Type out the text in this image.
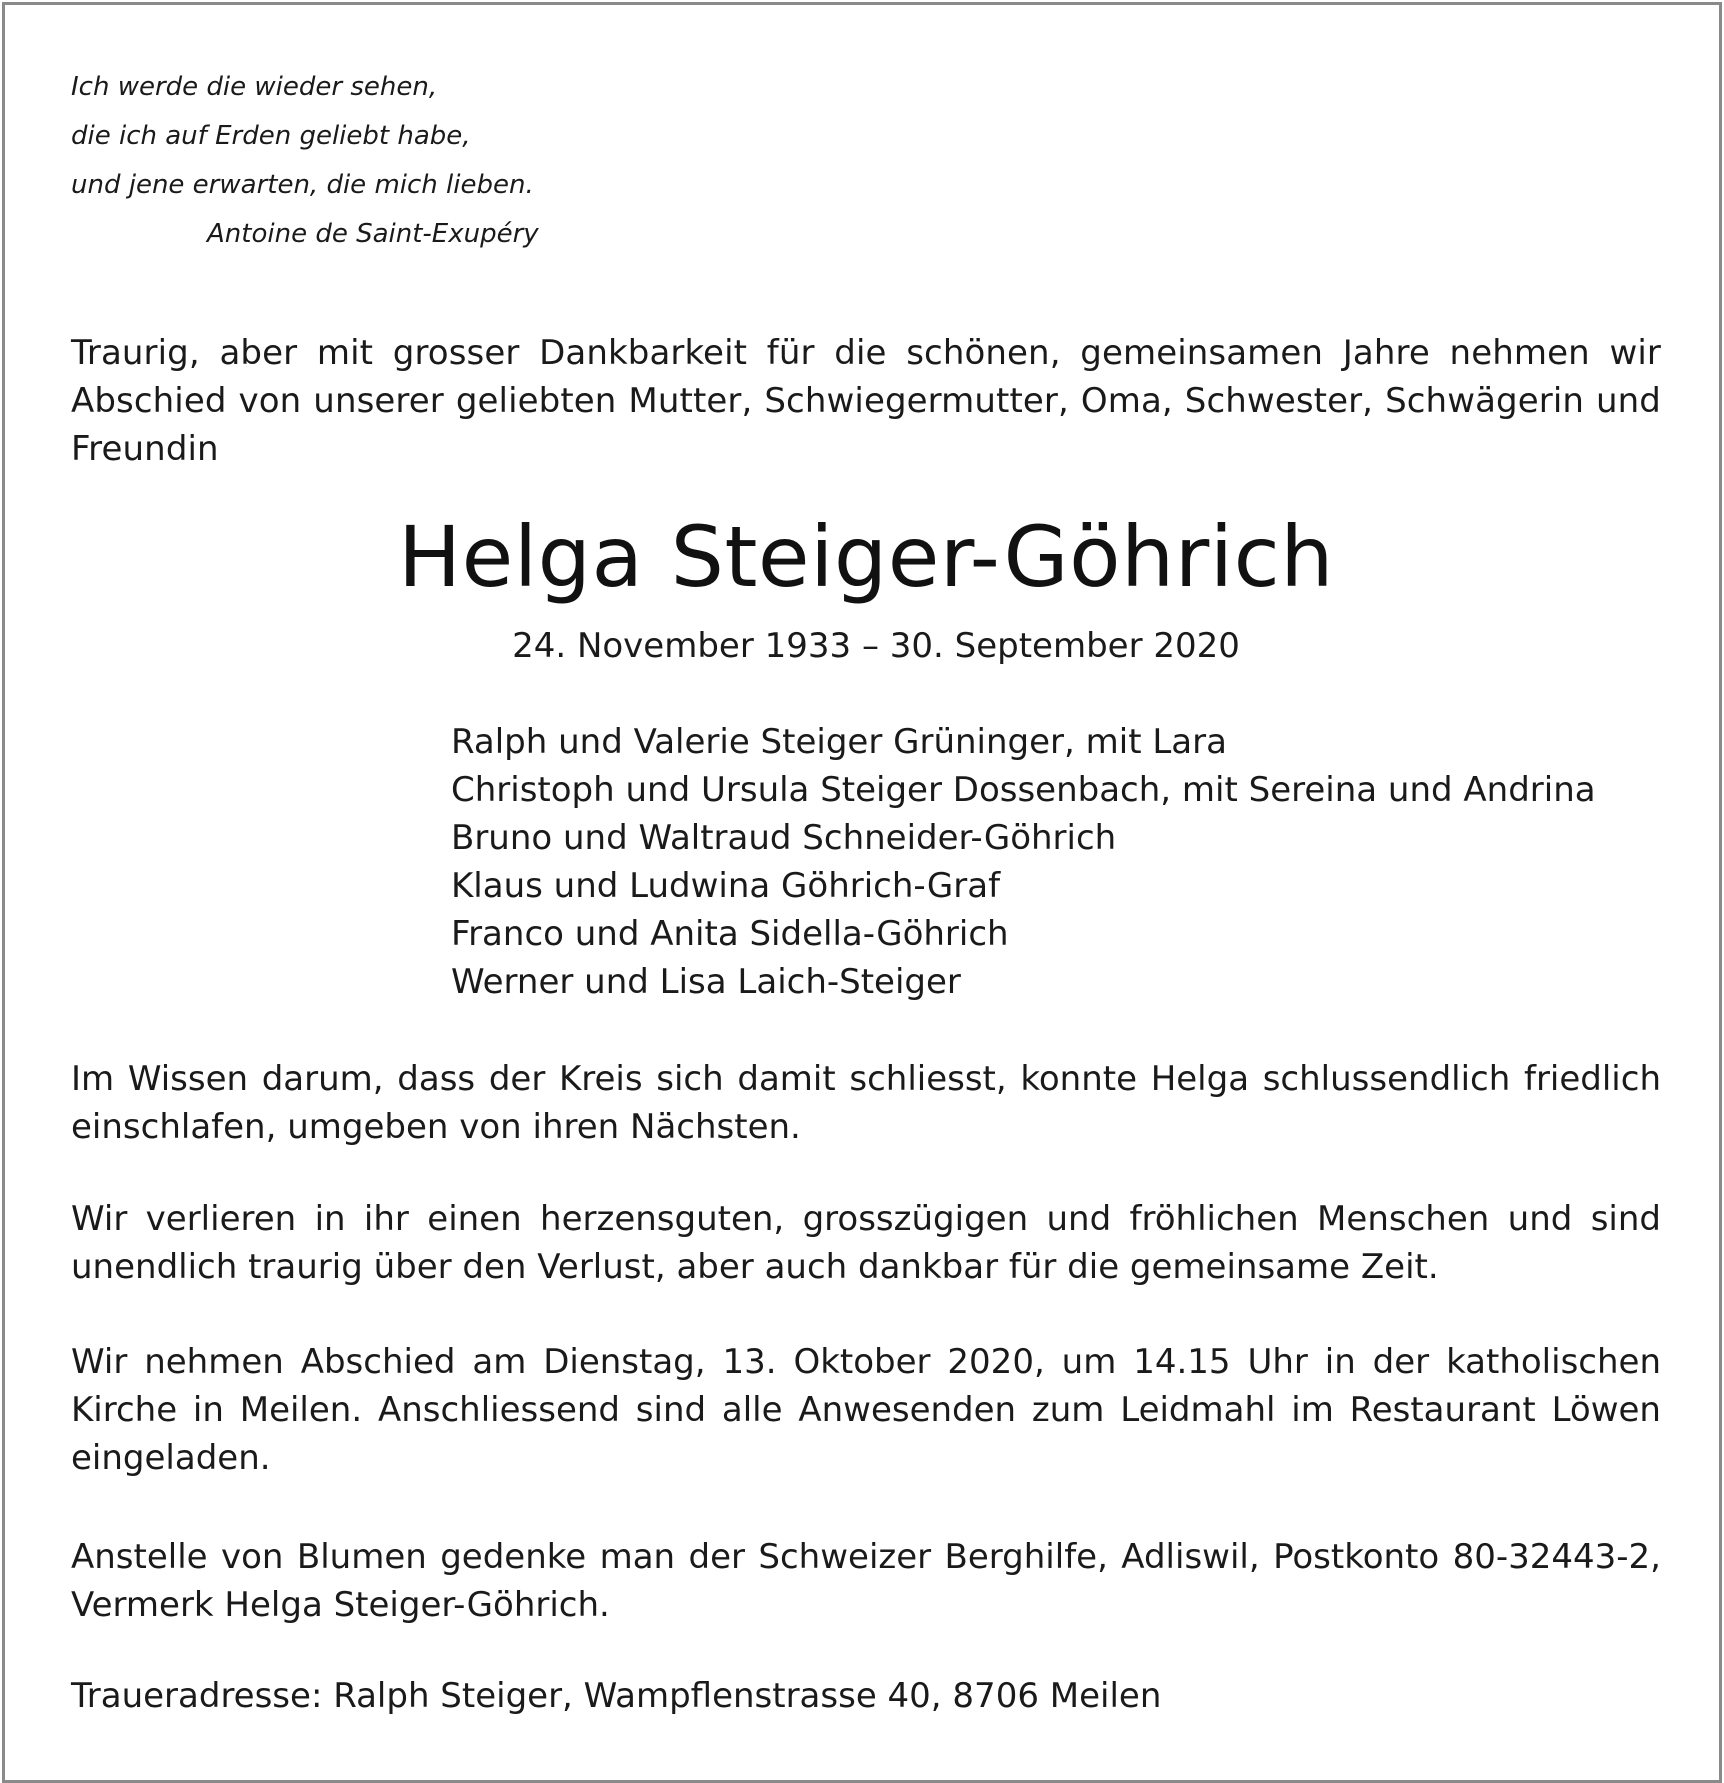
Ich werde die wieder sehen,
die ich auf Erden geliebt habe,
und jene erwarten, die mich lieben.
Antoine de Saint-Exupéry
Traurig, aber mit grosser Dankbarkeit für die schönen, gemeinsamen Jahre nehmen wir Abschied von unserer geliebten Mutter, Schwiegermutter, Oma, Schwester, Schwägerin und Freundin
Helga Steiger-Göhrich
24. November 1933 – 30. September 2020
Ralph und Valerie Steiger Grüninger, mit Lara
Christoph und Ursula Steiger Dossenbach, mit Sereina und Andrina
Bruno und Waltraud Schneider-Göhrich
Klaus und Ludwina Göhrich-Graf
Franco und Anita Sidella-Göhrich
Werner und Lisa Laich-Steiger
Im Wissen darum, dass der Kreis sich damit schliesst, konnte Helga schlussendlich friedlich einschlafen, umgeben von ihren Nächsten.
Wir verlieren in ihr einen herzensguten, grosszügigen und fröhlichen Menschen und sind unendlich traurig über den Verlust, aber auch dankbar für die gemeinsame Zeit.
Wir nehmen Abschied am Dienstag, 13. Oktober 2020, um 14.15 Uhr in der katholischen Kirche in Meilen. Anschliessend sind alle Anwesenden zum Leidmahl im Restaurant Löwen eingeladen.
Anstelle von Blumen gedenke man der Schweizer Berghilfe, Adliswil, Postkonto 80-32443-2, Vermerk Helga Steiger-Göhrich.
Traueradresse: Ralph Steiger, Wampflenstrasse 40, 8706 Meilen
